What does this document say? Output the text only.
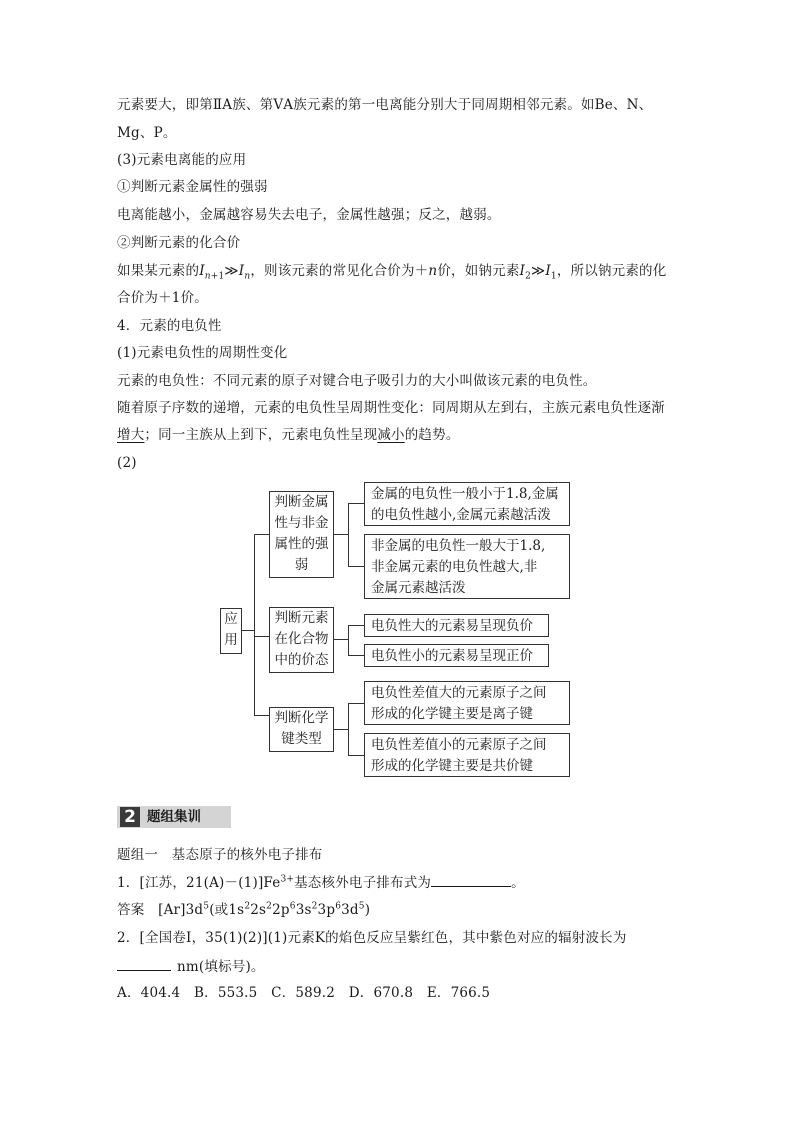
元素要大，即第ⅡA族、第ⅤA族元素的第一电离能分别大于同周期相邻元素。如Be、N、
Mg、P。
(3)元素电离能的应用
①判断元素金属性的强弱
电离能越小，金属越容易失去电子，金属性越强；反之，越弱。
②判断元素的化合价
如果某元素的$I_{n+1}≫I_n$，则该元素的常见化合价为＋n价，如钠元素$I_2≫I_1$，所以钠元素的化
合价为＋1价。
4．元素的电负性
(1)元素电负性的周期性变化
元素的电负性：不同元素的原子对键合电子吸引力的大小叫做该元素的电负性。
随着原子序数的递增，元素的电负性呈周期性变化：同周期从左到右，主族元素电负性逐渐
增大；同一主族从上到下，元素电负性呈现减小的趋势。
(2)
应
用
判断金属
性与非金
属性的强
弱
金属的电负性一般小于1.8,金属
的电负性越小,金属元素越活泼
非金属的电负性一般大于1.8,
非金属元素的电负性越大,非
金属元素越活泼
判断元素
在化合物
中的价态
电负性大的元素易呈现负价
电负性小的元素易呈现正价
判断化学
键类型
电负性差值大的元素原子之间
形成的化学键主要是离子键
电负性差值小的元素原子之间
形成的化学键主要是共价键
2 题组集训
题组一　基态原子的核外电子排布
1．[江苏，$21(A)-(1)]Fe^{3+}$基态核外电子排布式为	。
答案　$[Ar]3d^5$(或$1s^22s^22p^63s^23p^63d^5$)
2．[全国卷Ⅰ，35(1)(2)](1)元素K的焰色反应呈紫红色，其中紫色对应的辐射波长为
nm(填标号)。
A．404.4　B．553.5　C．589.2　D．670.8　E．766.5
